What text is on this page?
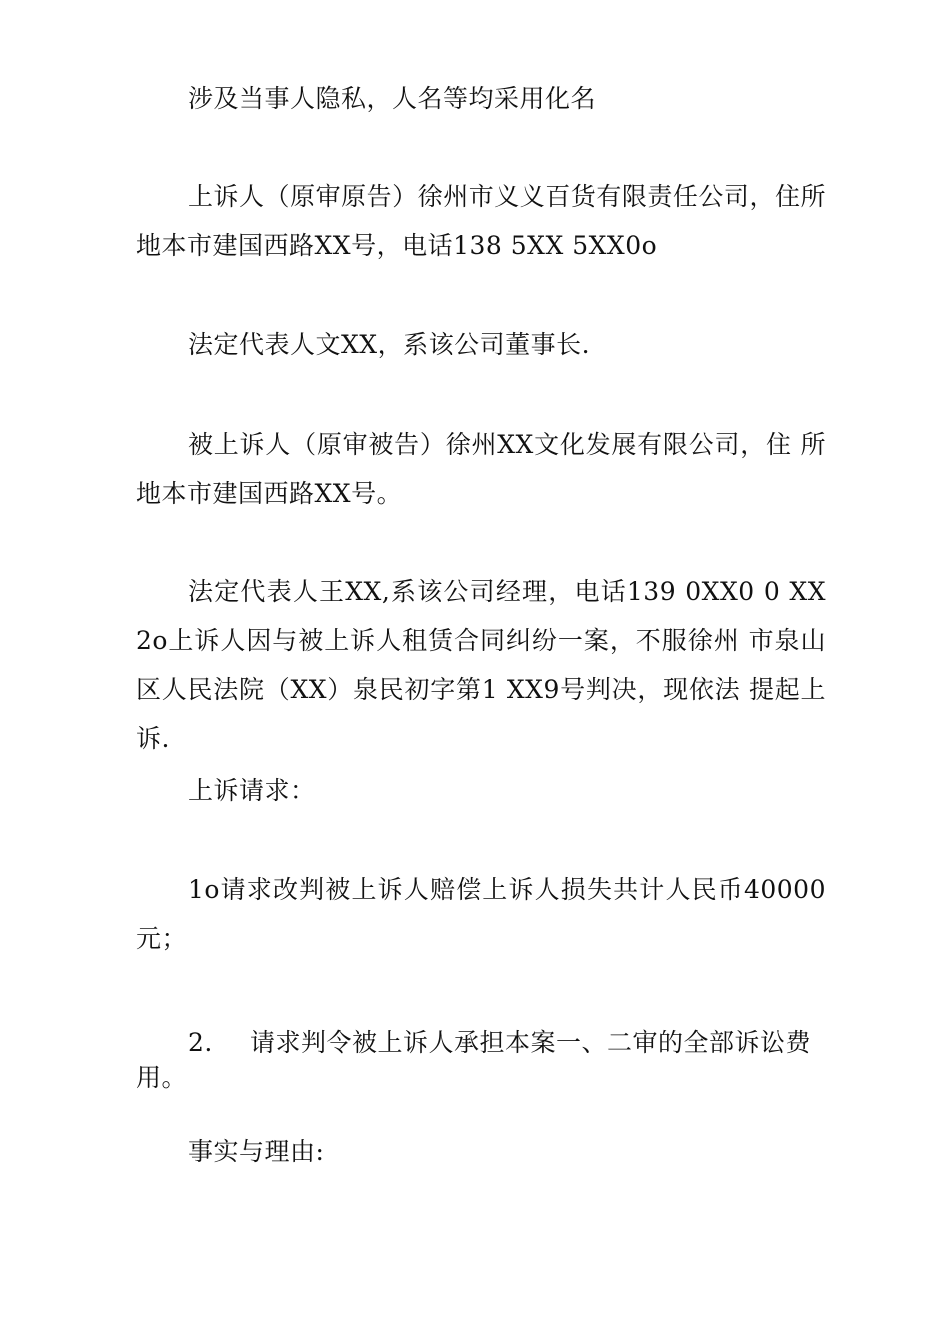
涉及当事人隐私，人名等均采用化名

上诉人（原审原告）徐州市义义百货有限责任公司，住所地本市建国西路XX号，电话138 5XX 5XX0o

法定代表人文XX，系该公司董事长.

被上诉人（原审被告）徐州XX文化发展有限公司，住 所地本市建国西路XX号。

法定代表人王XX,系该公司经理，电话139 0XX0 0 XX2o上诉人因与被上诉人租赁合同纠纷一案，不服徐州 市泉山区人民法院（XX）泉民初字第1 XX9号判决，现依法 提起上诉.

上诉请求：

1o请求改判被上诉人赔偿上诉人损失共计人民币40000元；

2. 请求判令被上诉人承担本案一、二审的全部诉讼费用。

事实与理由:
